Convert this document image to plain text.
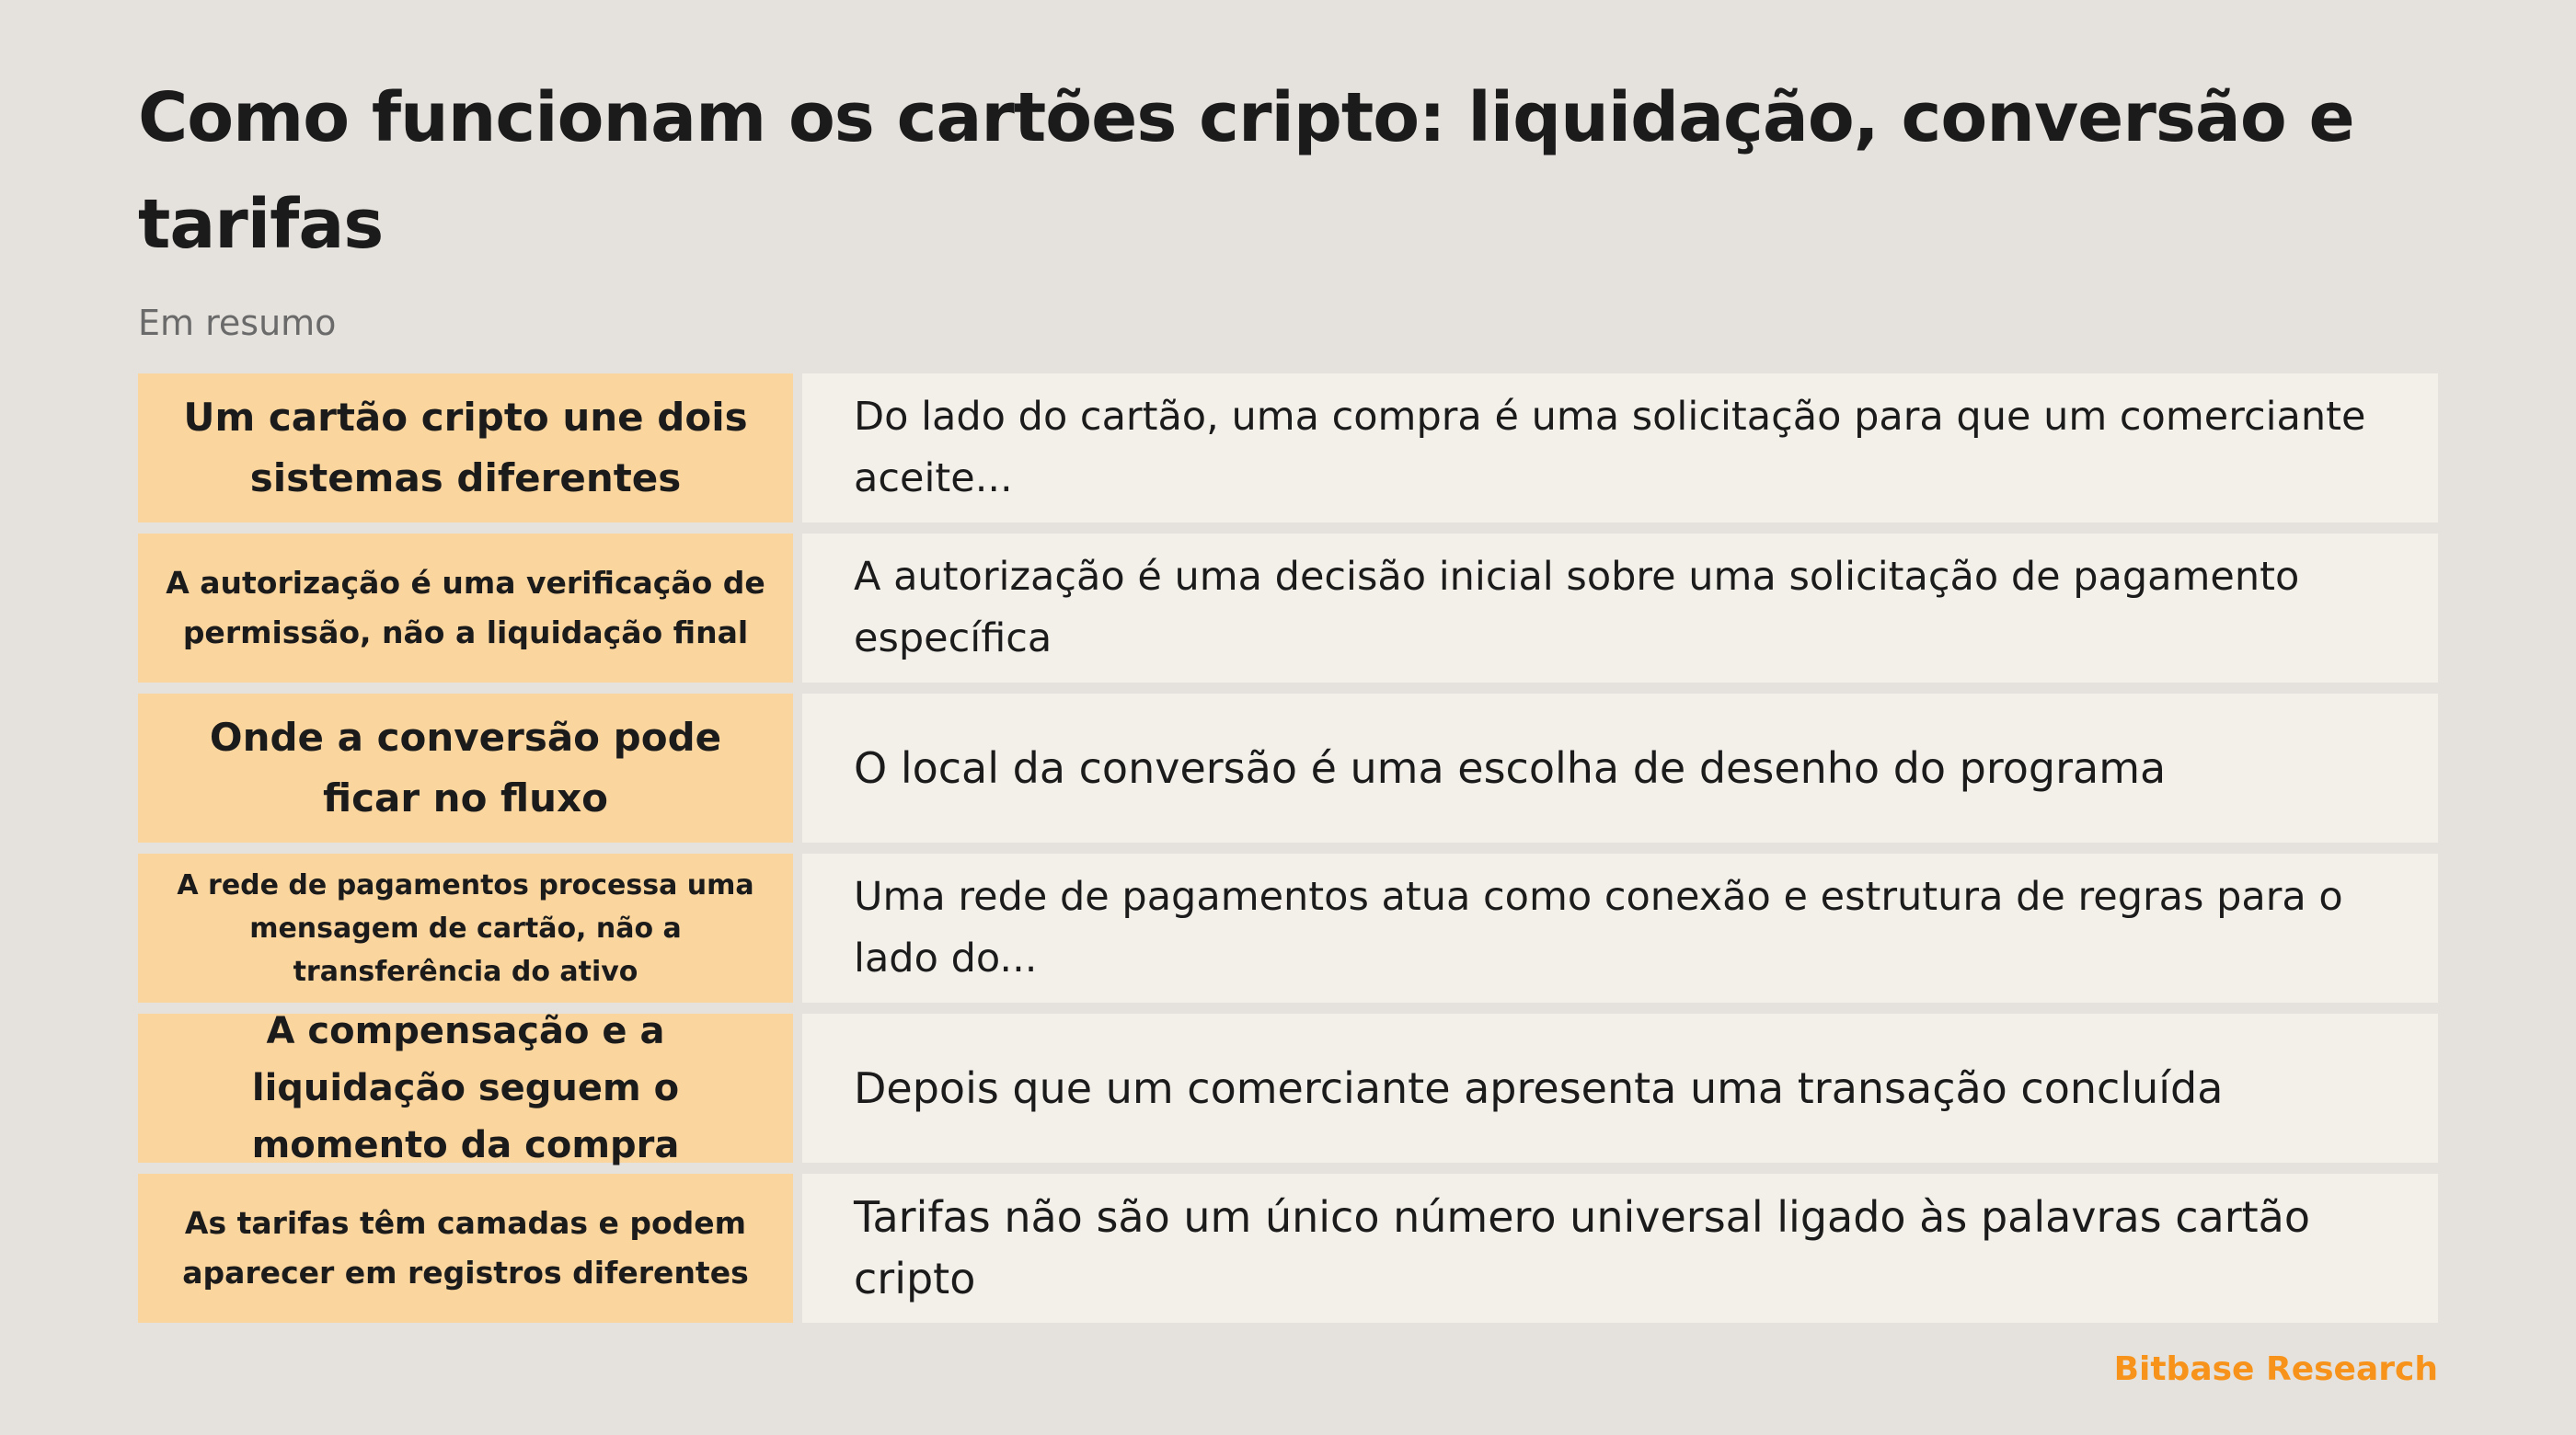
Como funcionam os cartões cripto: liquidação, conversão e tarifas
Em resumo
Um cartão cripto une dois sistemas diferentes
Do lado do cartão, uma compra é uma solicitação para que um comerciante aceite...
A autorização é uma verificação de permissão, não a liquidação final
A autorização é uma decisão inicial sobre uma solicitação de pagamento específica
Onde a conversão pode ficar no fluxo
O local da conversão é uma escolha de desenho do programa
A rede de pagamentos processa uma mensagem de cartão, não a transferência do ativo
Uma rede de pagamentos atua como conexão e estrutura de regras para o lado do...
A compensação e a liquidação seguem o momento da compra
Depois que um comerciante apresenta uma transação concluída
As tarifas têm camadas e podem aparecer em registros diferentes
Tarifas não são um único número universal ligado às palavras cartão cripto
Bitbase Research
